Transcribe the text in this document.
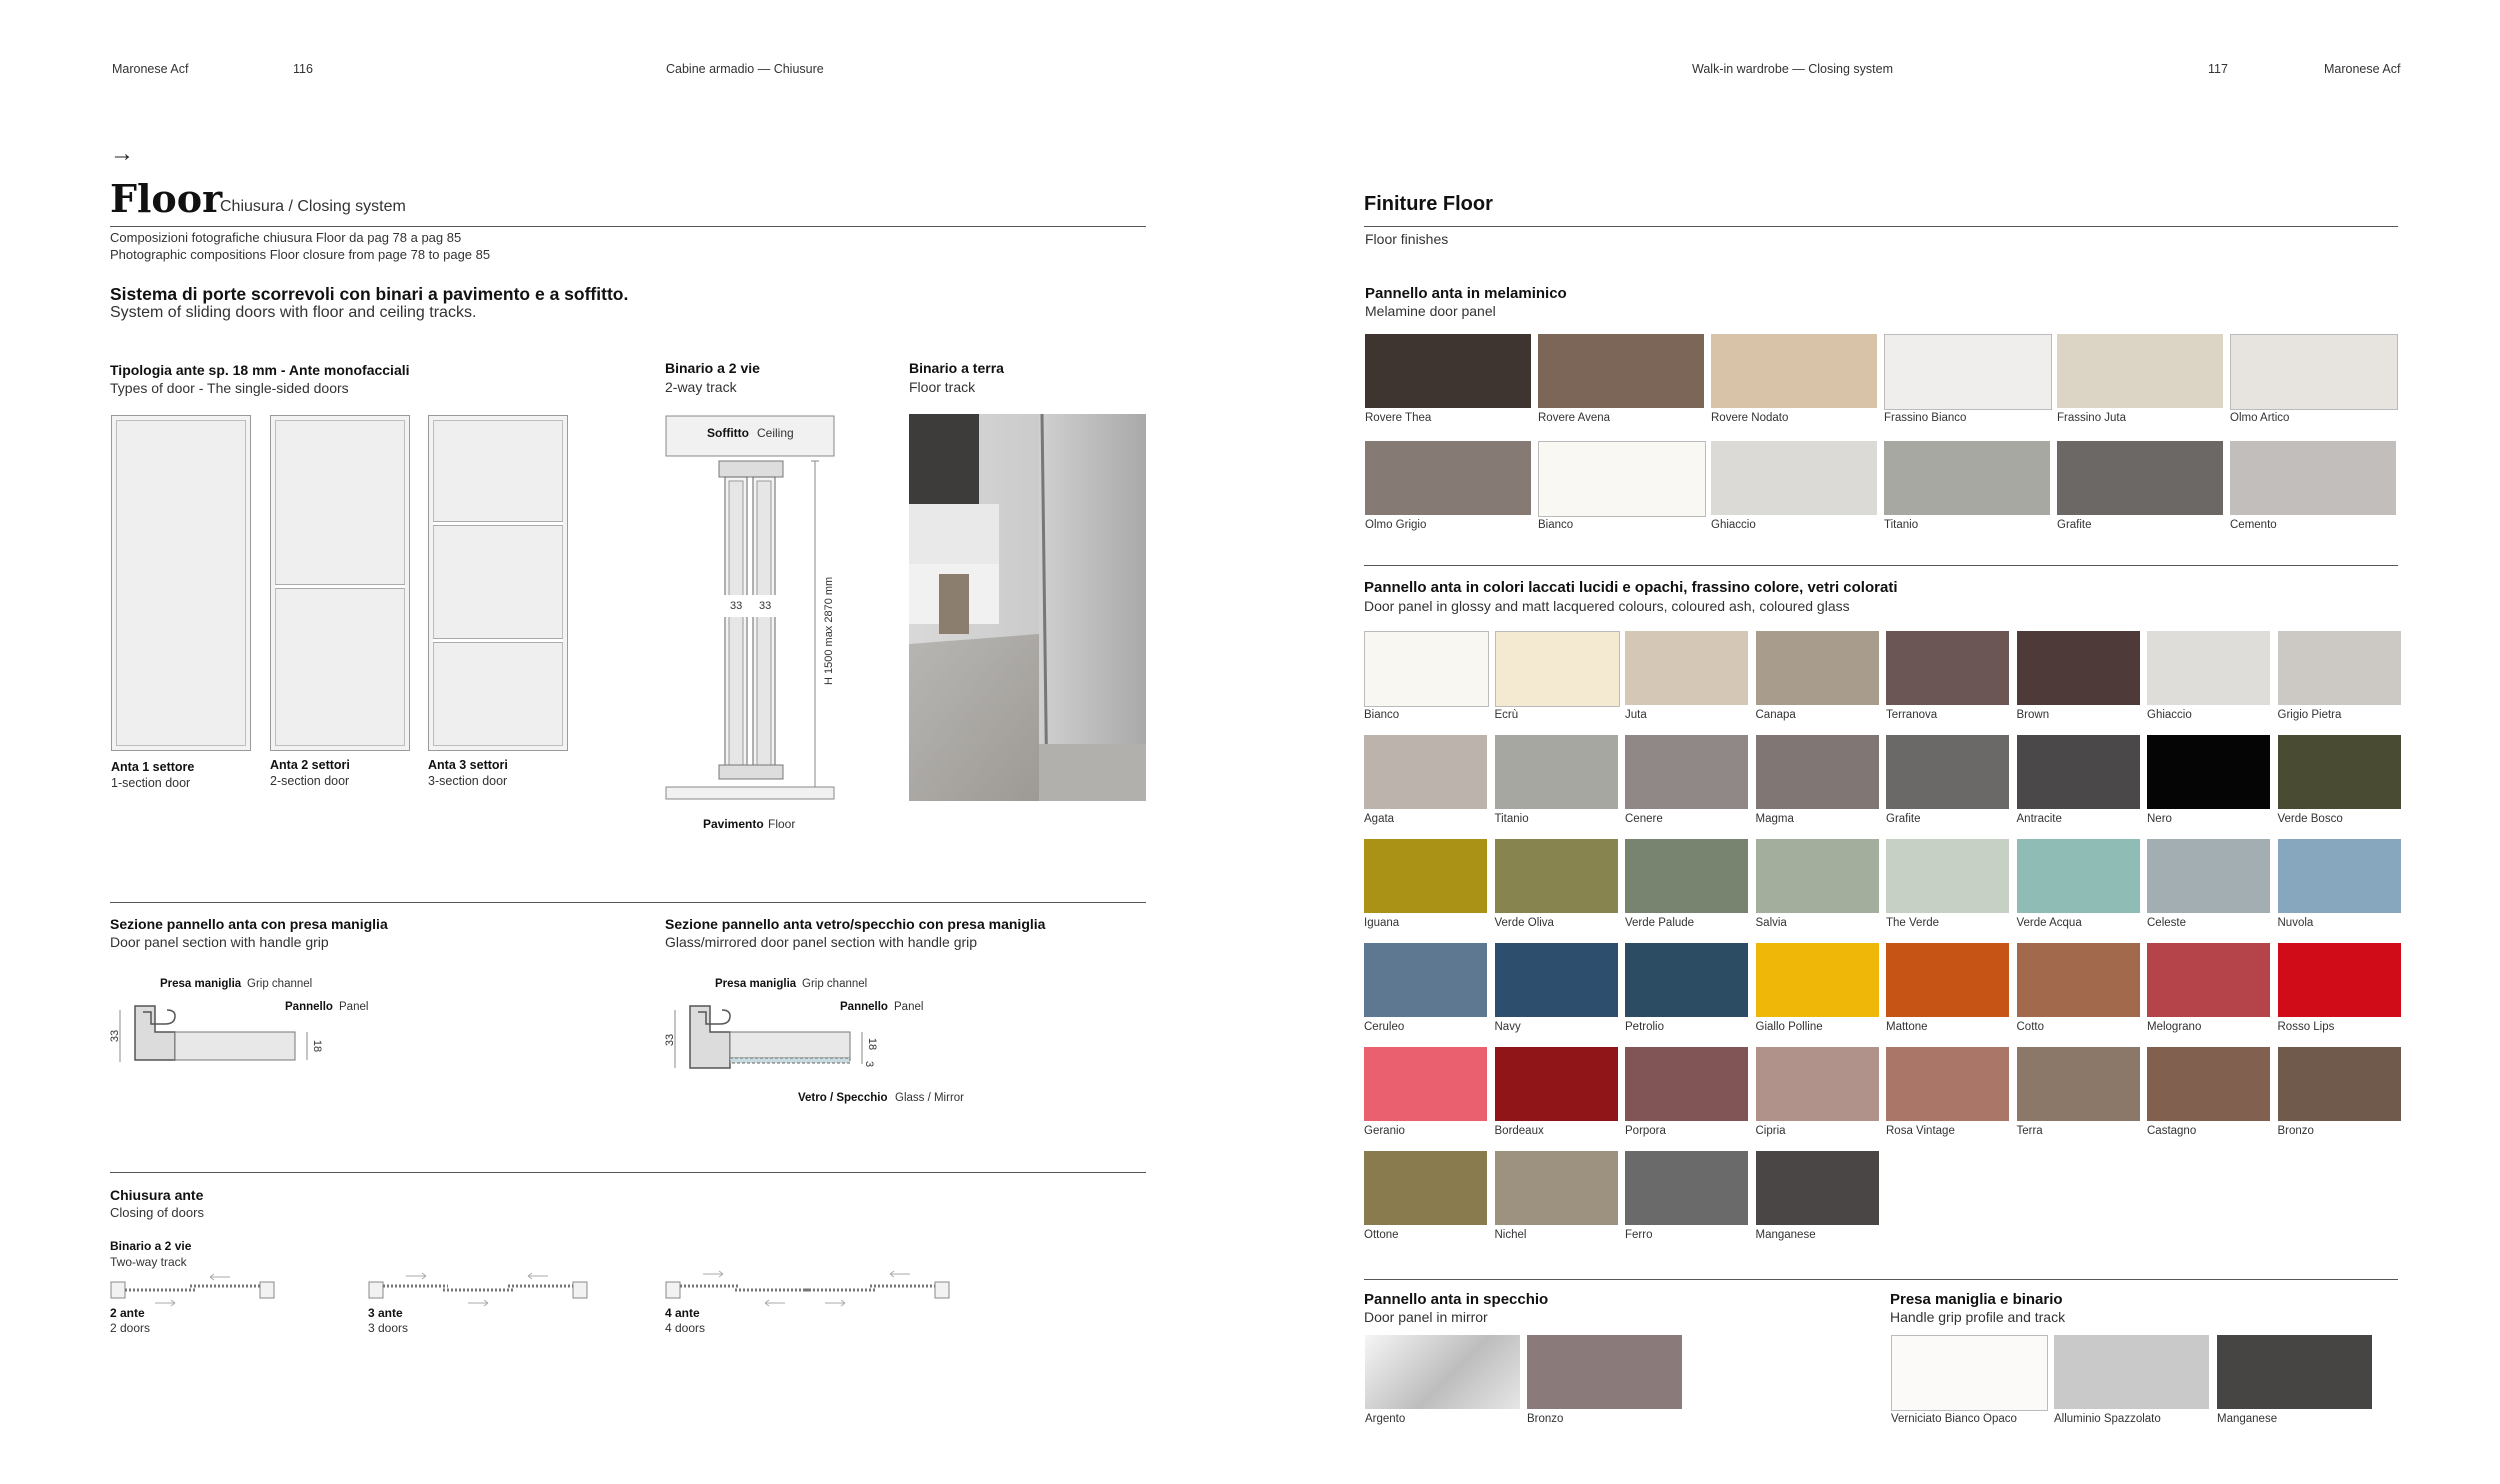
Maronese Acf	116	Cabine armadio — Chiusure	Walk-in wardrobe — Closing system	117	Maronese Acf
→
Floor
Chiusura / Closing system
Composizioni fotografiche chiusura Floor da pag 78 a pag 85
Photographic compositions Floor closure from page 78 to page 85
Sistema di porte scorrevoli con binari a pavimento e a soffitto.
System of sliding doors with floor and ceiling tracks.
Tipologia ante sp. 18 mm - Ante monofacciali
Types of door - The single-sided doors
Anta 1 settore
1-section door
Anta 2 settori
2-section door
Anta 3 settori
3-section door
Binario a 2 vie
2-way track
Soffitto Ceiling
33 33	H 1500 max 2870 mm
Pavimento Floor
Binario a terra
Floor track
Sezione pannello anta con presa maniglia
Door panel section with handle grip
Presa maniglia Grip channel
Pannello Panel
33
18
Sezione pannello anta vetro/specchio con presa maniglia
Glass/mirrored door panel section with handle grip
Presa maniglia Grip channel
Pannello Panel
33	18
3
Vetro / Specchio Glass / Mirror
Chiusura ante
Closing of doors
Binario a 2 vie
Two-way track
2 ante
2 doors
3 ante
3 doors
4 ante
4 doors
Finiture Floor
Floor finishes
Pannello anta in melaminico
Melamine door panel
Rovere Thea	Rovere Avena	Rovere Nodato	Frassino Bianco	Frassino Juta	Olmo Artico
Olmo Grigio	Bianco	Ghiaccio	Titanio	Grafite	Cemento
Pannello anta in colori laccati lucidi e opachi, frassino colore, vetri colorati
Door panel in glossy and matt lacquered colours, coloured ash, coloured glass
Bianco	Ecrù	Juta	Canapa	Terranova	Brown	Ghiaccio	Grigio Pietra
Agata	Titanio	Cenere	Magma	Grafite	Antracite	Nero	Verde Bosco
Iguana	Verde Oliva	Verde Palude	Salvia	The Verde	Verde Acqua	Celeste	Nuvola
Ceruleo	Navy	Petrolio	Giallo Polline	Mattone	Cotto	Melograno	Rosso Lips
Geranio	Bordeaux	Porpora	Cipria	Rosa Vintage	Terra	Castagno	Bronzo
Ottone	Nichel	Ferro	Manganese
Pannello anta in specchio
Door panel in mirror
Argento	Bronzo
Presa maniglia e binario
Handle grip profile and track
Verniciato Bianco Opaco	Alluminio Spazzolato	Manganese
